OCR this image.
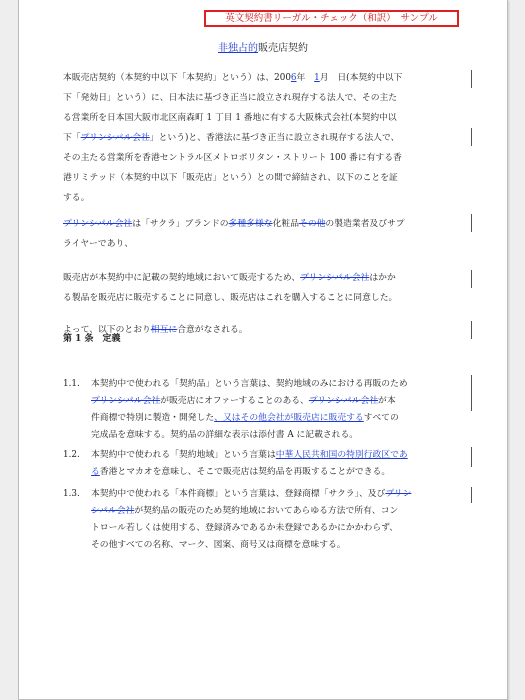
英文契約書リーガル・チェック（和訳）　サンプル
非独占的販売店契約
本販売店契約（本契約中以下「本契約」という）は、2006年　1月　日(本契約中以下
下「発効日」という）に、日本法に基づき正当に設立され現存する法人で、その主た
る営業所を日本国大阪市北区南森町 1 丁目 1 番地に有する大阪株式会社(本契約中以
下「プリンシパル会社」という)と、香港法に基づき正当に設立され現存する法人で、
その主たる営業所を香港セントラル区メトロポリタン・ストリート 100 番に有する香
港リミテッド（本契約中以下「販売店」という）との間で締結され、以下のことを証
する。
プリンシパル会社は「サクラ」ブランドの多種多様な化粧品その他の製造業者及びサプ
ライヤーであり、
販売店が本契約中に記載の契約地域において販売するため、プリンシパル会社はかか
る製品を販売店に販売することに同意し、販売店はこれを購入することに同意した。
よって、以下のとおり相互に合意がなされる。
第 1 条　定義
1.1. 本契約中で使われる「契約品」という言葉は、契約地域のみにおける再販のため
プリンシパル会社が販売店にオファーすることのある、プリンシパル会社が本
件商標で特別に製造・開発した、又はその他会社が販売店に販売するすべての
完成品を意味する。契約品の詳細な表示は添付書 A に記載される。
1.2. 本契約中で使われる「契約地域」という言葉は中華人民共和国の特別行政区であ
る香港とマカオを意味し、そこで販売店は契約品を再販することができる。
1.3. 本契約中で使われる「本件商標」という言葉は、登録商標「サクラ」、及びプリン
シパル会社が契約品の販売のため契約地域においてあらゆる方法で所有、コン
トロール若しくは使用する、登録済みであるか未登録であるかにかかわらず、
その他すべての名称、マーク、図案、商号又は商標を意味する。
